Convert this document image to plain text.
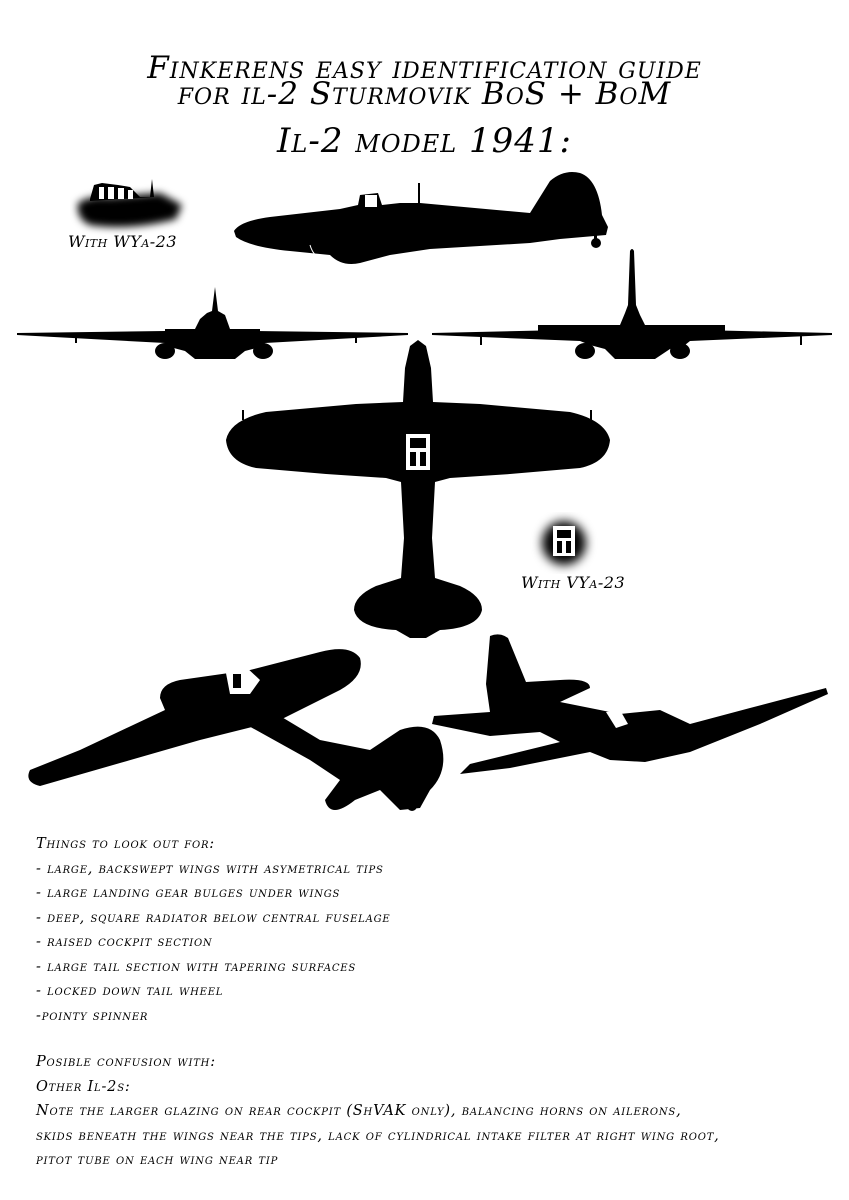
Finkerens easy identification guide
for il-2 Sturmovik BoS + BoM
Il-2 model 1941:
With WYa-23
With VYa-23
Things to look out for:
- large, backswept wings with asymetrical tips
- large landing gear bulges under wings
- deep, square radiator below central fuselage
- raised cockpit section
- large tail section with tapering surfaces
- locked down tail wheel
-pointy spinner
Posible confusion with:
Other Il-2s:
Note the larger glazing on rear cockpit (ShVAK only), balancing horns on ailerons,
skids beneath the wings near the tips, lack of cylindrical intake filter at right wing root,
pitot tube on each wing near tip
